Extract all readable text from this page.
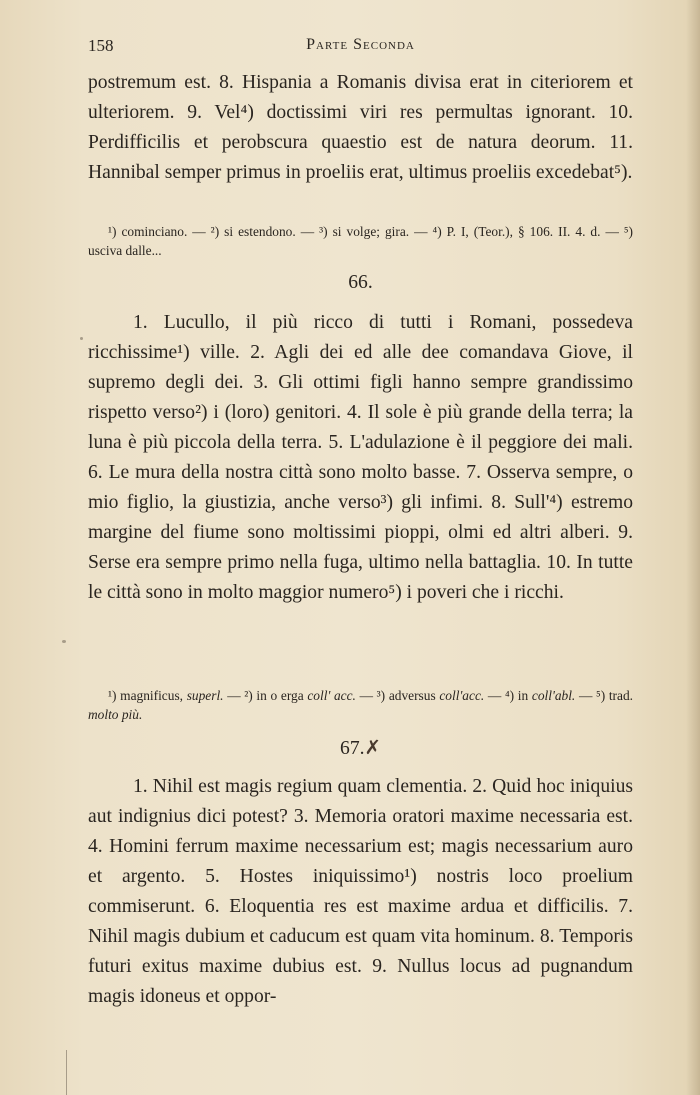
158	Parte Seconda

postremum est. 8. Hispania a Romanis divisa erat in citeriorem et ulteriorem. 9. Vel⁴) doctissimi viri res permultas ignorant. 10. Perdifficilis et perobscura quaestio est de natura deorum. 11. Hannibal semper primus in proeliis erat, ultimus proeliis excedebat⁵).

¹) cominciano. — ²) si estendono. — ³) si volge; gira. — ⁴) P. I, (Teor.), § 106. II. 4. d. — ⁵) usciva dalle...

66.

1. Lucullo, il più ricco di tutti i Romani, possedeva ricchissime¹) ville. 2. Agli dei ed alle dee comandava Giove, il supremo degli dei. 3. Gli ottimi figli hanno sempre grandissimo rispetto verso²) i (loro) genitori. 4. Il sole è più grande della terra; la luna è più piccola della terra. 5. L'adulazione è il peggiore dei mali. 6. Le mura della nostra città sono molto basse. 7. Osserva sempre, o mio figlio, la giustizia, anche verso³) gli infimi. 8. Sull'⁴) estremo margine del fiume sono moltissimi pioppi, olmi ed altri alberi. 9. Serse era sempre primo nella fuga, ultimo nella battaglia. 10. In tutte le città sono in molto maggior numero⁵) i poveri che i ricchi.

¹) magnificus, superl. — ²) in o erga coll' acc. — ³) adversus coll'acc. — ⁴) in coll'abl. — ⁵) trad. molto più.

67.✗

1. Nihil est magis regium quam clementia. 2. Quid hoc iniquius aut indignius dici potest? 3. Memoria oratori maxime necessaria est. 4. Homini ferrum maxime necessarium est; magis necessarium auro et argento. 5. Hostes iniquissimo¹) nostris loco proelium commiserunt. 6. Eloquentia res est maxime ardua et difficilis. 7. Nihil magis dubium et caducum est quam vita hominum. 8. Temporis futuri exitus maxime dubius est. 9. Nullus locus ad pugnandum magis idoneus et oppor-
